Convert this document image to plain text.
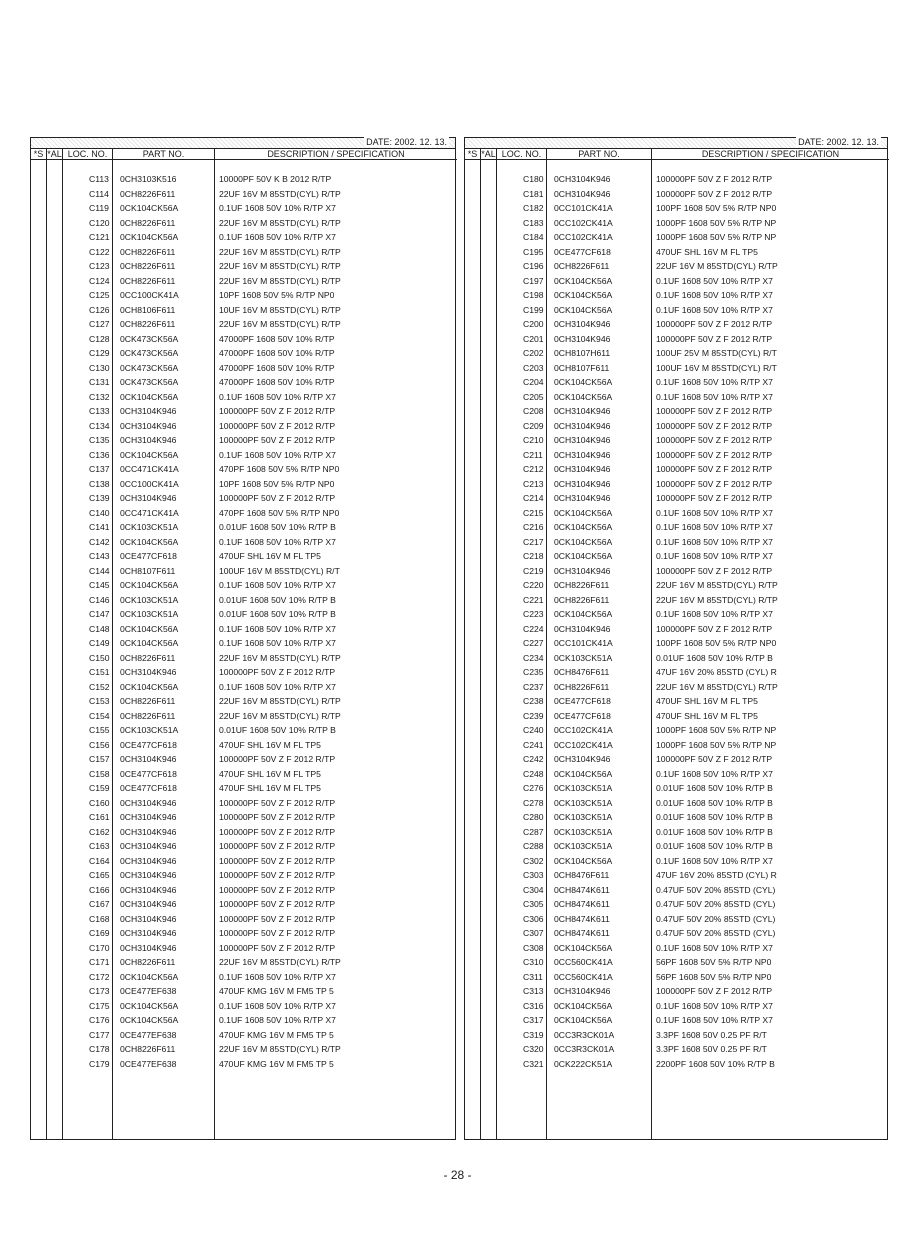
DATE: 2002. 12. 13.
*S *AL LOC. NO.	PART NO.	DESCRIPTION / SPECIFICATION
C113 0CH3103K516	10000PF 50V K B 2012 R/TP
C114 0CH8226F611	22UF 16V M 85STD(CYL) R/TP
C119 0CK104CK56A	0.1UF 1608 50V 10% R/TP X7
C120 0CH8226F611	22UF 16V M 85STD(CYL) R/TP
C121 0CK104CK56A	0.1UF 1608 50V 10% R/TP X7
C122 0CH8226F611	22UF 16V M 85STD(CYL) R/TP
C123 0CH8226F611	22UF 16V M 85STD(CYL) R/TP
C124 0CH8226F611	22UF 16V M 85STD(CYL) R/TP
C125 0CC100CK41A	10PF 1608 50V 5% R/TP NP0
C126 0CH8106F611	10UF 16V M 85STD(CYL) R/TP
C127 0CH8226F611	22UF 16V M 85STD(CYL) R/TP
C128 0CK473CK56A	47000PF 1608 50V 10% R/TP
C129 0CK473CK56A	47000PF 1608 50V 10% R/TP
C130 0CK473CK56A	47000PF 1608 50V 10% R/TP
C131 0CK473CK56A	47000PF 1608 50V 10% R/TP
C132 0CK104CK56A	0.1UF 1608 50V 10% R/TP X7
C133 0CH3104K946	100000PF 50V Z F 2012 R/TP
C134 0CH3104K946	100000PF 50V Z F 2012 R/TP
C135 0CH3104K946	100000PF 50V Z F 2012 R/TP
C136 0CK104CK56A	0.1UF 1608 50V 10% R/TP X7
C137 0CC471CK41A	470PF 1608 50V 5% R/TP NP0
C138 0CC100CK41A	10PF 1608 50V 5% R/TP NP0
C139 0CH3104K946	100000PF 50V Z F 2012 R/TP
C140 0CC471CK41A	470PF 1608 50V 5% R/TP NP0
C141 0CK103CK51A	0.01UF 1608 50V 10% R/TP B
C142 0CK104CK56A	0.1UF 1608 50V 10% R/TP X7
C143 0CE477CF618	470UF SHL 16V M FL TP5
C144 0CH8107F611	100UF 16V M 85STD(CYL) R/T
C145 0CK104CK56A	0.1UF 1608 50V 10% R/TP X7
C146 0CK103CK51A	0.01UF 1608 50V 10% R/TP B
C147 0CK103CK51A	0.01UF 1608 50V 10% R/TP B
C148 0CK104CK56A	0.1UF 1608 50V 10% R/TP X7
C149 0CK104CK56A	0.1UF 1608 50V 10% R/TP X7
C150 0CH8226F611	22UF 16V M 85STD(CYL) R/TP
C151 0CH3104K946	100000PF 50V Z F 2012 R/TP
C152 0CK104CK56A	0.1UF 1608 50V 10% R/TP X7
C153 0CH8226F611	22UF 16V M 85STD(CYL) R/TP
C154 0CH8226F611	22UF 16V M 85STD(CYL) R/TP
C155 0CK103CK51A	0.01UF 1608 50V 10% R/TP B
C156 0CE477CF618	470UF SHL 16V M FL TP5
C157 0CH3104K946	100000PF 50V Z F 2012 R/TP
C158 0CE477CF618	470UF SHL 16V M FL TP5
C159 0CE477CF618	470UF SHL 16V M FL TP5
C160 0CH3104K946	100000PF 50V Z F 2012 R/TP
C161 0CH3104K946	100000PF 50V Z F 2012 R/TP
C162 0CH3104K946	100000PF 50V Z F 2012 R/TP
C163 0CH3104K946	100000PF 50V Z F 2012 R/TP
C164 0CH3104K946	100000PF 50V Z F 2012 R/TP
C165 0CH3104K946	100000PF 50V Z F 2012 R/TP
C166 0CH3104K946	100000PF 50V Z F 2012 R/TP
C167 0CH3104K946	100000PF 50V Z F 2012 R/TP
C168 0CH3104K946	100000PF 50V Z F 2012 R/TP
C169 0CH3104K946	100000PF 50V Z F 2012 R/TP
C170 0CH3104K946	100000PF 50V Z F 2012 R/TP
C171 0CH8226F611	22UF 16V M 85STD(CYL) R/TP
C172 0CK104CK56A	0.1UF 1608 50V 10% R/TP X7
C173 0CE477EF638	470UF KMG 16V M FM5 TP 5
C175 0CK104CK56A	0.1UF 1608 50V 10% R/TP X7
C176 0CK104CK56A	0.1UF 1608 50V 10% R/TP X7
C177 0CE477EF638	470UF KMG 16V M FM5 TP 5
C178 0CH8226F611	22UF 16V M 85STD(CYL) R/TP
C179 0CE477EF638	470UF KMG 16V M FM5 TP 5
DATE: 2002. 12. 13.
*S *AL LOC. NO.	PART NO.	DESCRIPTION / SPECIFICATION
C180 0CH3104K946	100000PF 50V Z F 2012 R/TP
C181 0CH3104K946	100000PF 50V Z F 2012 R/TP
C182 0CC101CK41A	100PF 1608 50V 5% R/TP NP0
C183 0CC102CK41A	1000PF 1608 50V 5% R/TP NP
C184 0CC102CK41A	1000PF 1608 50V 5% R/TP NP
C195 0CE477CF618	470UF SHL 16V M FL TP5
C196 0CH8226F611	22UF 16V M 85STD(CYL) R/TP
C197 0CK104CK56A	0.1UF 1608 50V 10% R/TP X7
C198 0CK104CK56A	0.1UF 1608 50V 10% R/TP X7
C199 0CK104CK56A	0.1UF 1608 50V 10% R/TP X7
C200 0CH3104K946	100000PF 50V Z F 2012 R/TP
C201 0CH3104K946	100000PF 50V Z F 2012 R/TP
C202 0CH8107H611	100UF 25V M 85STD(CYL) R/T
C203 0CH8107F611	100UF 16V M 85STD(CYL) R/T
C204 0CK104CK56A	0.1UF 1608 50V 10% R/TP X7
C205 0CK104CK56A	0.1UF 1608 50V 10% R/TP X7
C208 0CH3104K946	100000PF 50V Z F 2012 R/TP
C209 0CH3104K946	100000PF 50V Z F 2012 R/TP
C210 0CH3104K946	100000PF 50V Z F 2012 R/TP
C211 0CH3104K946	100000PF 50V Z F 2012 R/TP
C212 0CH3104K946	100000PF 50V Z F 2012 R/TP
C213 0CH3104K946	100000PF 50V Z F 2012 R/TP
C214 0CH3104K946	100000PF 50V Z F 2012 R/TP
C215 0CK104CK56A	0.1UF 1608 50V 10% R/TP X7
C216 0CK104CK56A	0.1UF 1608 50V 10% R/TP X7
C217 0CK104CK56A	0.1UF 1608 50V 10% R/TP X7
C218 0CK104CK56A	0.1UF 1608 50V 10% R/TP X7
C219 0CH3104K946	100000PF 50V Z F 2012 R/TP
C220 0CH8226F611	22UF 16V M 85STD(CYL) R/TP
C221 0CH8226F611	22UF 16V M 85STD(CYL) R/TP
C223 0CK104CK56A	0.1UF 1608 50V 10% R/TP X7
C224 0CH3104K946	100000PF 50V Z F 2012 R/TP
C227 0CC101CK41A	100PF 1608 50V 5% R/TP NP0
C234 0CK103CK51A	0.01UF 1608 50V 10% R/TP B
C235 0CH8476F611	47UF 16V 20% 85STD (CYL) R
C237 0CH8226F611	22UF 16V M 85STD(CYL) R/TP
C238 0CE477CF618	470UF SHL 16V M FL TP5
C239 0CE477CF618	470UF SHL 16V M FL TP5
C240 0CC102CK41A	1000PF 1608 50V 5% R/TP NP
C241 0CC102CK41A	1000PF 1608 50V 5% R/TP NP
C242 0CH3104K946	100000PF 50V Z F 2012 R/TP
C248 0CK104CK56A	0.1UF 1608 50V 10% R/TP X7
C276 0CK103CK51A	0.01UF 1608 50V 10% R/TP B
C278 0CK103CK51A	0.01UF 1608 50V 10% R/TP B
C280 0CK103CK51A	0.01UF 1608 50V 10% R/TP B
C287 0CK103CK51A	0.01UF 1608 50V 10% R/TP B
C288 0CK103CK51A	0.01UF 1608 50V 10% R/TP B
C302 0CK104CK56A	0.1UF 1608 50V 10% R/TP X7
C303 0CH8476F611	47UF 16V 20% 85STD (CYL) R
C304 0CH8474K611	0.47UF 50V 20% 85STD (CYL)
C305 0CH8474K611	0.47UF 50V 20% 85STD (CYL)
C306 0CH8474K611	0.47UF 50V 20% 85STD (CYL)
C307 0CH8474K611	0.47UF 50V 20% 85STD (CYL)
C308 0CK104CK56A	0.1UF 1608 50V 10% R/TP X7
C310 0CC560CK41A	56PF 1608 50V 5% R/TP NP0
C311 0CC560CK41A	56PF 1608 50V 5% R/TP NP0
C313 0CH3104K946	100000PF 50V Z F 2012 R/TP
C316 0CK104CK56A	0.1UF 1608 50V 10% R/TP X7
C317 0CK104CK56A	0.1UF 1608 50V 10% R/TP X7
C319 0CC3R3CK01A	3.3PF 1608 50V 0.25 PF R/T
C320 0CC3R3CK01A	3.3PF 1608 50V 0.25 PF R/T
C321 0CK222CK51A	2200PF 1608 50V 10% R/TP B
- 28 -
